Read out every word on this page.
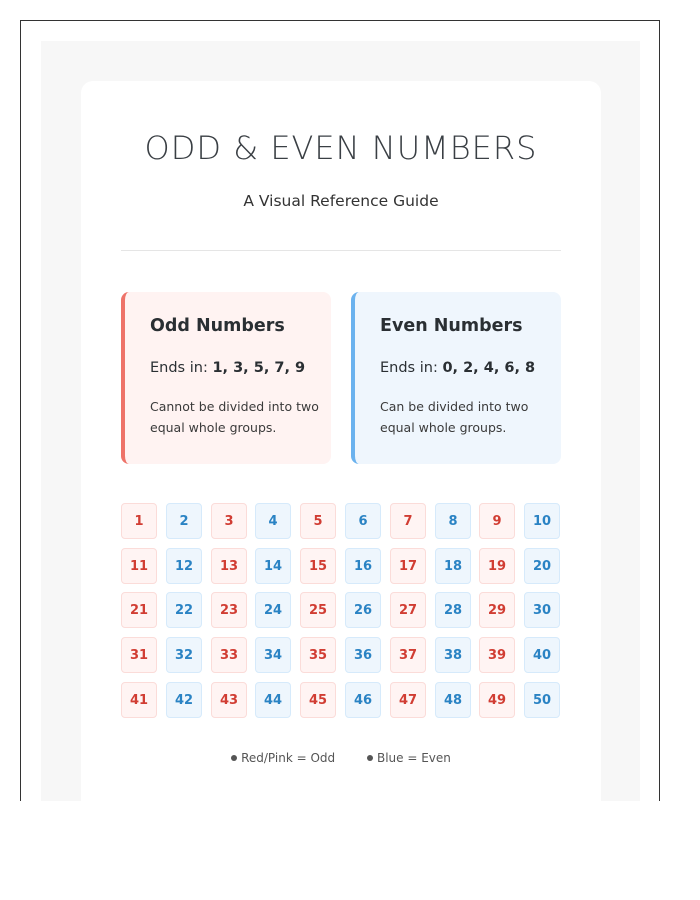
ODD & EVEN NUMBERS
A Visual Reference Guide
Odd Numbers
Ends in: 1, 3, 5, 7, 9
Cannot be divided into two equal whole groups.
Even Numbers
Ends in: 0, 2, 4, 6, 8
Can be divided into two equal whole groups.
1	2	3	4	5	6	7	8	9	10
11	12	13	14	15	16	17	18	19	20
21	22	23	24	25	26	27	28	29	30
31	32	33	34	35	36	37	38	39	40
41	42	43	44	45	46	47	48	49	50
Red/Pink = Odd	Blue = Even
